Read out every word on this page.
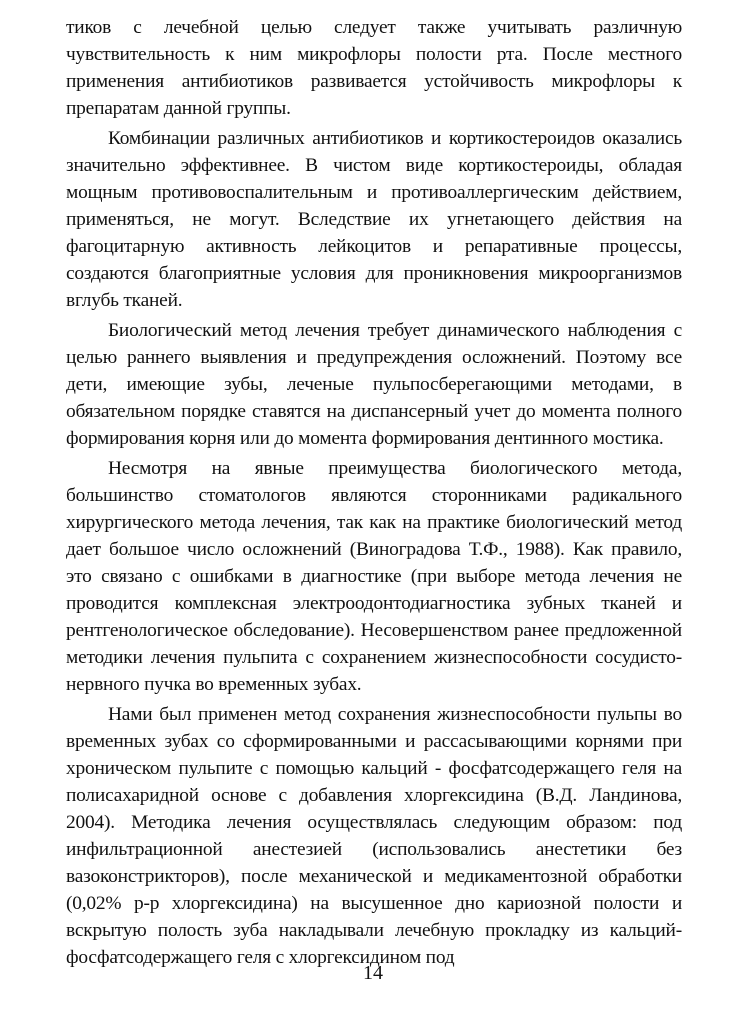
тиков с лечебной целью следует также учитывать различную чувствительность к ним микрофлоры полости рта. После местного применения антибиотиков развивается устойчивость микрофлоры к препаратам данной группы.

Комбинации различных антибиотиков и кортикостероидов оказались значительно эффективнее. В чистом виде кортикостероиды, обладая мощным противовоспалительным и противоаллергическим действием, применяться, не могут. Вследствие их угнетающего действия на фагоцитарную активность лейкоцитов и репаративные процессы, создаются благоприятные условия для проникновения микроорганизмов вглубь тканей.

Биологический метод лечения требует динамического наблюдения с целью раннего выявления и предупреждения осложнений. Поэтому все дети, имеющие зубы, леченые пульпосберегающими методами, в обязательном порядке ставятся на диспансерный учет до момента полного формирования корня или до момента формирования дентинного мостика.

Несмотря на явные преимущества биологического метода, большинство стоматологов являются сторонниками радикального хирургического метода лечения, так как на практике биологический метод дает большое число осложнений (Виноградова Т.Ф., 1988). Как правило, это связано с ошибками в диагностике (при выборе метода лечения не проводится комплексная электроодонтодиагностика зубных тканей и рентгенологическое обследование). Несовершенством ранее предложенной методики лечения пульпита с сохранением жизнеспособности сосудисто-нервного пучка во временных зубах.

Нами был применен метод сохранения жизнеспособности пульпы во временных зубах со сформированными и рассасывающими корнями при хроническом пульпите с помощью кальций - фосфатсодержащего геля на полисахаридной основе с добавления хлоргексидина (В.Д. Ландинова, 2004). Методика лечения осуществлялась следующим образом: под инфильтрационной анестезией (использовались анестетики без вазоконстрикторов), после механической и медикаментозной обработки (0,02% р-р хлоргексидина) на высушенное дно кариозной полости и вскрытую полость зуба накладывали лечебную прокладку из кальций-фосфатсодержащего геля с хлоргексидином под

14
